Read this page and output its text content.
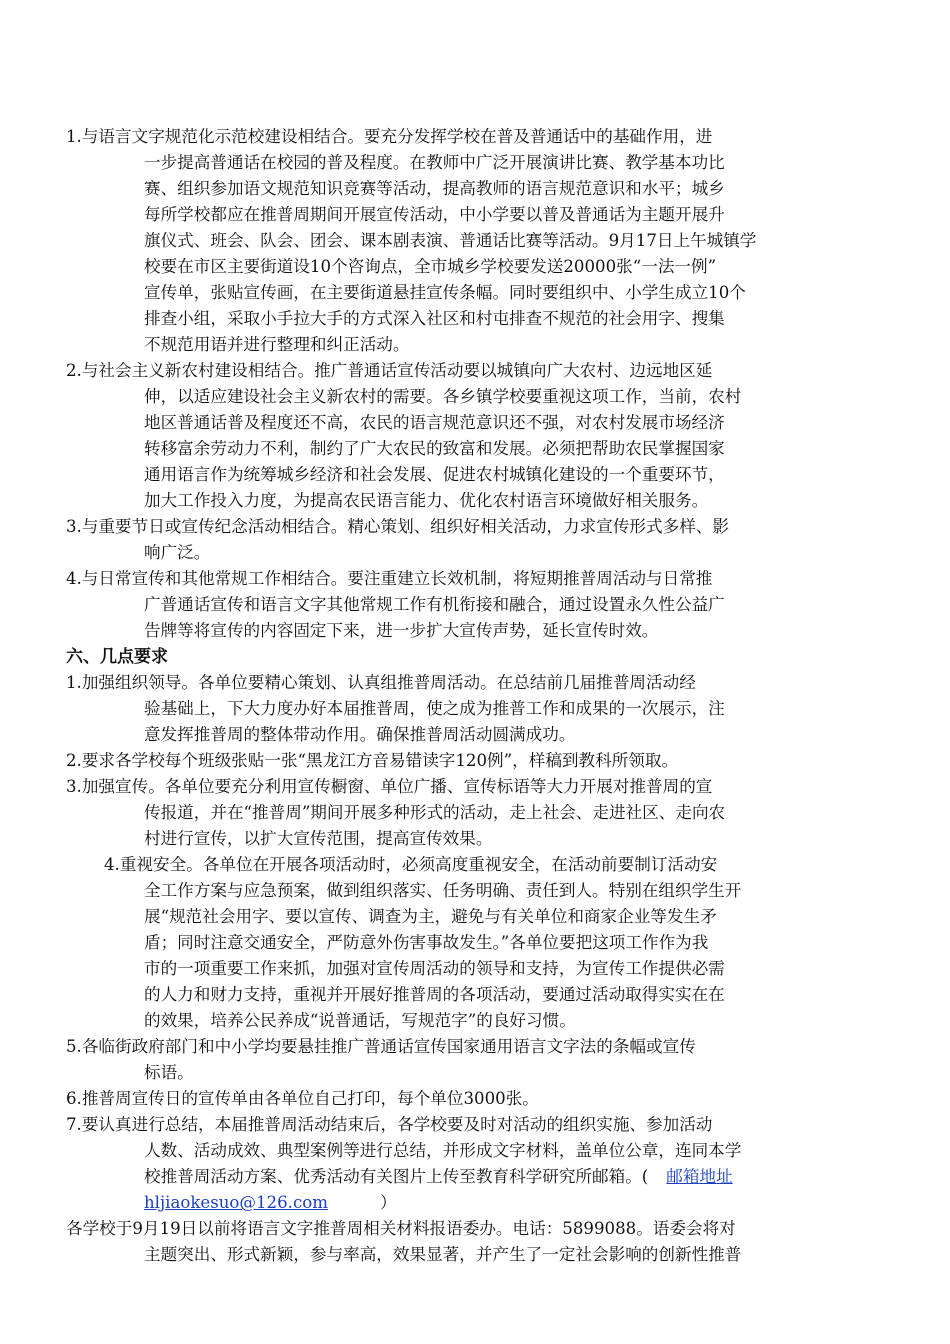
1.与语言文字规范化示范校建设相结合。要充分发挥学校在普及普通话中的基础作用，进
一步提高普通话在校园的普及程度。在教师中广泛开展演讲比赛、教学基本功比
赛、组织参加语文规范知识竞赛等活动，提高教师的语言规范意识和水平；城乡
每所学校都应在推普周期间开展宣传活动，中小学要以普及普通话为主题开展升
旗仪式、班会、队会、团会、课本剧表演、普通话比赛等活动。9月17日上午城镇学
校要在市区主要街道设10个咨询点，全市城乡学校要发送20000张“一法一例”
宣传单，张贴宣传画，在主要街道悬挂宣传条幅。同时要组织中、小学生成立10个
排查小组，采取小手拉大手的方式深入社区和村屯排查不规范的社会用字、搜集
不规范用语并进行整理和纠正活动。
2.与社会主义新农村建设相结合。推广普通话宣传活动要以城镇向广大农村、边远地区延
伸，以适应建设社会主义新农村的需要。各乡镇学校要重视这项工作，当前，农村
地区普通话普及程度还不高，农民的语言规范意识还不强，对农村发展市场经济
转移富余劳动力不利，制约了广大农民的致富和发展。必须把帮助农民掌握国家
通用语言作为统筹城乡经济和社会发展、促进农村城镇化建设的一个重要环节，
加大工作投入力度，为提高农民语言能力、优化农村语言环境做好相关服务。
3.与重要节日或宣传纪念活动相结合。精心策划、组织好相关活动，力求宣传形式多样、影
响广泛。
4.与日常宣传和其他常规工作相结合。要注重建立长效机制，将短期推普周活动与日常推
广普通话宣传和语言文字其他常规工作有机衔接和融合，通过设置永久性公益广
告牌等将宣传的内容固定下来，进一步扩大宣传声势，延长宣传时效。
六、几点要求
1.加强组织领导。各单位要精心策划、认真组推普周活动。在总结前几届推普周活动经
验基础上，下大力度办好本届推普周，使之成为推普工作和成果的一次展示，注
意发挥推普周的整体带动作用。确保推普周活动圆满成功。
2.要求各学校每个班级张贴一张“黑龙江方音易错读字120例”，样稿到教科所领取。
3.加强宣传。各单位要充分利用宣传橱窗、单位广播、宣传标语等大力开展对推普周的宣
传报道，并在“推普周”期间开展多种形式的活动，走上社会、走进社区、走向农
村进行宣传，以扩大宣传范围，提高宣传效果。
4.重视安全。各单位在开展各项活动时，必须高度重视安全，在活动前要制订活动安
全工作方案与应急预案，做到组织落实、任务明确、责任到人。特别在组织学生开
展“规范社会用字、要以宣传、调查为主，避免与有关单位和商家企业等发生矛
盾；同时注意交通安全，严防意外伤害事故发生。”各单位要把这项工作作为我
市的一项重要工作来抓，加强对宣传周活动的领导和支持，为宣传工作提供必需
的人力和财力支持，重视并开展好推普周的各项活动，要通过活动取得实实在在
的效果，培养公民养成“说普通话，写规范字”的良好习惯。
5.各临街政府部门和中小学均要悬挂推广普通话宣传国家通用语言文字法的条幅或宣传
标语。
6.推普周宣传日的宣传单由各单位自己打印，每个单位3000张。
7.要认真进行总结，本届推普周活动结束后，各学校要及时对活动的组织实施、参加活动
人数、活动成效、典型案例等进行总结，并形成文字材料，盖单位公章，连同本学
校推普周活动方案、优秀活动有关图片上传至教育科学研究所邮箱。( 邮箱地址
hljiaokesuo@126.com	）
各学校于9月19日以前将语言文字推普周相关材料报语委办。电话：5899088。语委会将对
主题突出、形式新颖，参与率高，效果显著，并产生了一定社会影响的创新性推普
